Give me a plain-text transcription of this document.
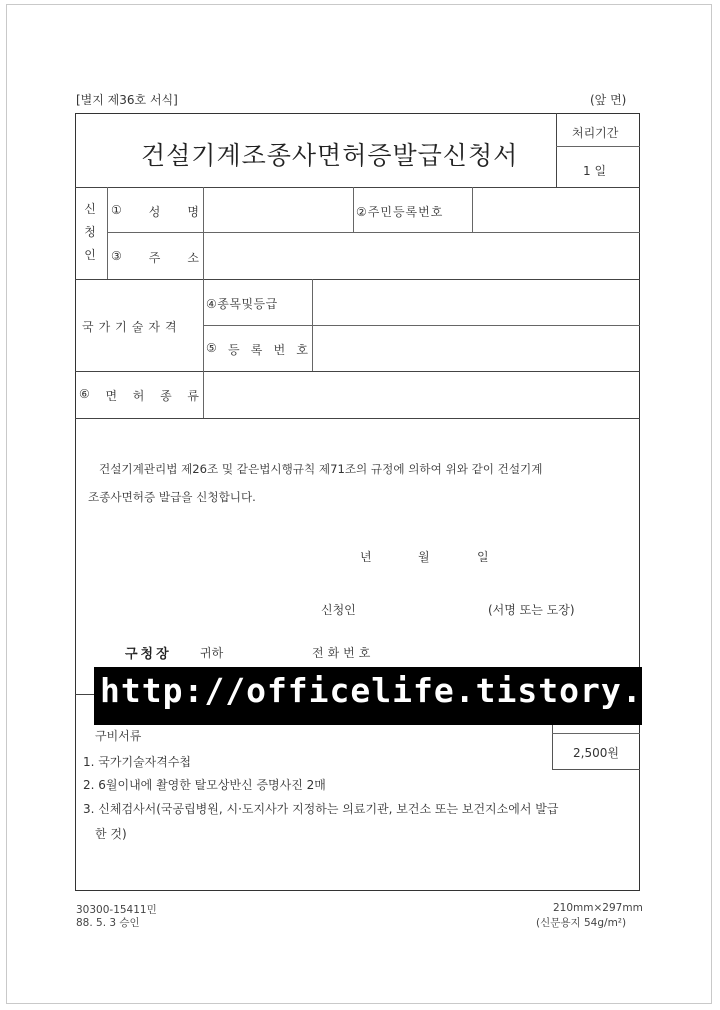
[별지 제36호 서식]	(앞 면)
건설기계조종사면허증발급신청서
처리기간
1 일
신
청
인
① 성 명	②주민등록번호
③ 주 소
국가기술자격
④종목및등급
⑤ 등 록 번 호
⑥ 면 허 종 류
건설기계관리법 제26조 및 같은법시행규칙 제71조의 규정에 의하여 위와 같이 건설기계
조종사면허증 발급을 신청합니다.
년	월	일
신청인	(서명 또는 도장)
구청장 귀하	전화번호
2,500원
구비서류
1. 국가기술자격수첩
2. 6월이내에 촬영한 탈모상반신 증명사진 2매
3. 신체검사서(국공립병원, 시·도지사가 지정하는 의료기관, 보건소 또는 보건지소에서 발급
한 것)
30300-15411민
88. 5. 3 승인
210mm×297mm
(신문용지 54g/m²)
http://officelife.tistory.com
